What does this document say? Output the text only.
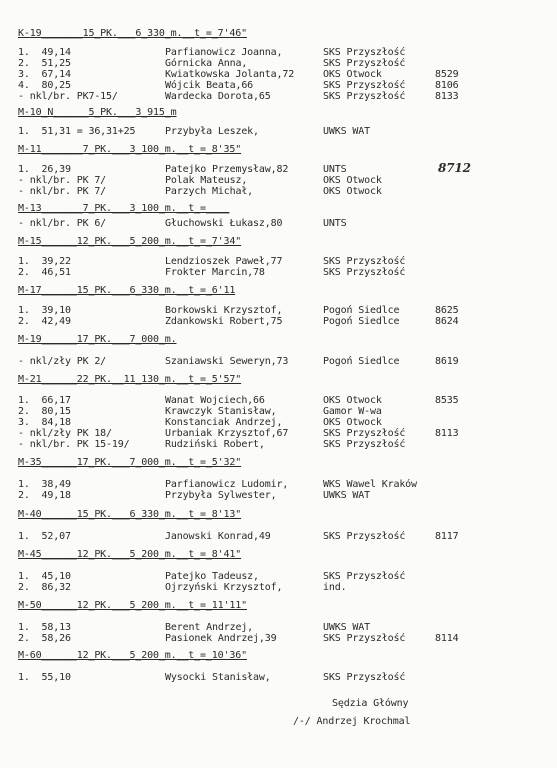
K-19_______15_PK.___6_330_m.__t_=_7'46"
1.  49,14	Parfianowicz Joanna,	SKS Przyszłość
2.  51,25	Górnicka Anna,	SKS Przyszłość
3.  67,14	Kwiatkowska Jolanta,72	OKS Otwock	8529
4.  80,25	Wójcik Beata,66	SKS Przyszłość	8106
- nkl/br. PK7-15/	Wardecka Dorota,65	SKS Przyszłość	8133
M-10_N______5_PK.___3_915_m
1.  51,31 = 36,31+25	Przybyła Leszek,	UWKS WAT
M-11_______7_PK.___3_100_m.__t_=_8'35"
1.  26,39	Patejko Przemysław,82	UNTS
- nkl/br. PK 7/	Polak Mateusz,	OKS Otwock
- nkl/br. PK 7/	Parzych Michał,	OKS Otwock
M-13_______7_PK.___3_100_m.__t_=____
- nkl/br. PK 6/	Głuchowski Łukasz,80	UNTS
M-15______12_PK.___5_200_m.__t_=_7'34"
1.  39,22	Lendzioszek Paweł,77	SKS Przyszłość
2.  46,51	Frokter Marcin,78	SKS Przyszłość
M-17______15_PK.___6_330_m.__t_=_6'11
1.  39,10	Borkowski Krzysztof,	Pogoń Siedlce	8625
2.  42,49	Zdankowski Robert,75	Pogoń Siedlce	8624
M-19______17_PK.___7_000_m.
- nkl/zły PK 2/	Szaniawski Seweryn,73	Pogoń Siedlce	8619
M-21______22_PK.__11_130_m.__t_=_5'57"
1.  66,17	Wanat Wojciech,66	OKS Otwock	8535
2.  80,15	Krawczyk Stanisław,	Gamor W-wa
3.  84,18	Konstanciak Andrzej,	OKS Otwock
- nkl/zły PK 18/	Urbaniak Krzysztof,67	SKS Przyszłość	8113
- nkl/br. PK 15-19/	Rudziński Robert,	SKS Przyszłość
M-35______17_PK.___7_000_m.__t_=_5'32"
1.  38,49	Parfianowicz Ludomir,	WKS Wawel Kraków
2.  49,18	Przybyła Sylwester,	UWKS WAT
M-40______15_PK.___6_330_m.__t_=_8'13"
1.  52,07	Janowski Konrad,49	SKS Przyszłość	8117
M-45______12_PK.___5_200_m.__t_=_8'41"
1.  45,10	Patejko Tadeusz,	SKS Przyszłość
2.  86,32	Ojrzyński Krzysztof,	ind.
M-50______12_PK.___5_200_m.__t_=_11'11"
1.  58,13	Berent Andrzej,	UWKS WAT
2.  58,26	Pasionek Andrzej,39	SKS Przyszłość	8114
M-60______12_PK.___5_200_m.__t_=_10'36"
1.  55,10	Wysocki Stanisław,	SKS Przyszłość
8712
Sędzia Główny
/-/ Andrzej Krochmal
